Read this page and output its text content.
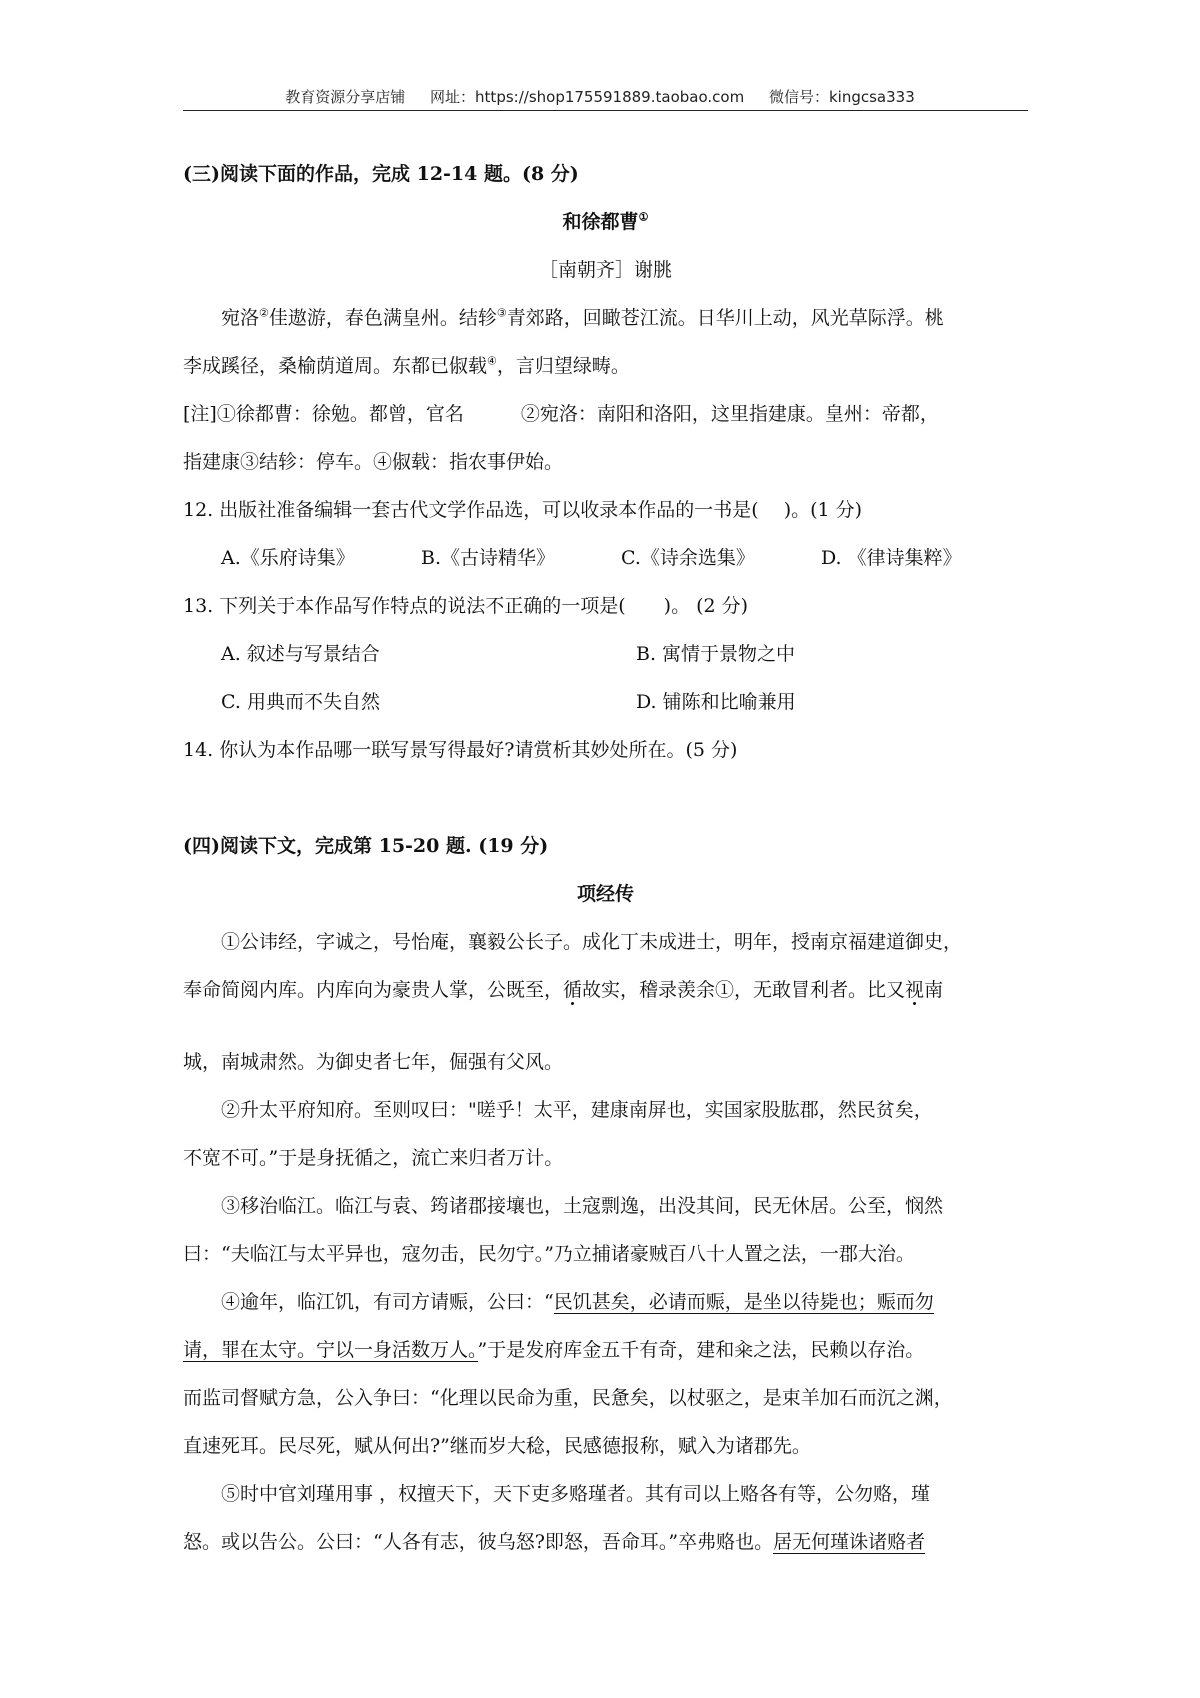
教育资源分享店铺 网址：https://shop175591889.taobao.com 微信号：kingcsa333
(三)阅读下面的作品，完成 12-14 题。(8 分)
和徐都曹①
［南朝齐］谢朓
宛洛②佳遨游，春色满皇州。结轸③青郊路，回瞰苍江流。日华川上动，风光草际浮。桃
李成蹊径，桑榆荫道周。东都已俶载④，言归望绿畴。
[注]①徐都曹：徐勉。都曾，官名　　　②宛洛：南阳和洛阳，这里指建康。皇州：帝都，
指建康③结轸：停车。④俶载：指农事伊始。
12. 出版社准备编辑一套古代文学作品选，可以收录本作品的一书是(　 )。(1 分)
A.《乐府诗集》	B.《古诗精华》	C.《诗余选集》	D. 《律诗集粹》
13. 下列关于本作品写作特点的说法不正确的一项是(　　)。 (2 分)
A. 叙述与写景结合	B. 寓情于景物之中
C. 用典而不失自然	D. 铺陈和比喻兼用
14. 你认为本作品哪一联写景写得最好?请赏析其妙处所在。(5 分)
(四)阅读下文，完成第 15-20 题. (19 分)
项经传
①公讳经，字诚之，号怡庵，襄毅公长子。成化丁未成进士，明年，授南京福建道御史，
奉命简阅内库。内库向为豪贵人掌，公既至，循故实，稽录羡余①，无敢冒利者。比又视南
城，南城肃然。为御史者七年，倔强有父风。
②升太平府知府。至则叹曰："嗟乎！太平，建康南屏也，实国家股肱郡，然民贫矣，
不宽不可。”于是身抚循之，流亡来归者万计。
③移治临江。临江与袁、筠诸郡接壤也，土寇剽逸，出没其间，民无休居。公至，悯然
曰：“夫临江与太平异也，寇勿击，民勿宁。”乃立捕诸豪贼百八十人置之法，一郡大治。
④逾年，临江饥，有司方请赈，公曰：“民饥甚矣，必请而赈，是坐以待毙也；赈而勿
请，罪在太守。宁以一身活数万人。”于是发府库金五千有奇，建和籴之法，民赖以存治。
而监司督赋方急，公入争曰：“化理以民命为重，民惫矣，以杖驱之，是束羊加石而沉之渊，
直速死耳。民尽死，赋从何出?”继而岁大稔，民感德报称，赋入为诸郡先。
⑤时中官刘瑾用事 ，权擅天下，天下吏多赂瑾者。其有司以上赂各有等，公勿赂，瑾
怒。或以告公。公曰：“人各有志，彼乌怒?即怒，吾命耳。”卒弗赂也。居无何瑾诛诸赂者
